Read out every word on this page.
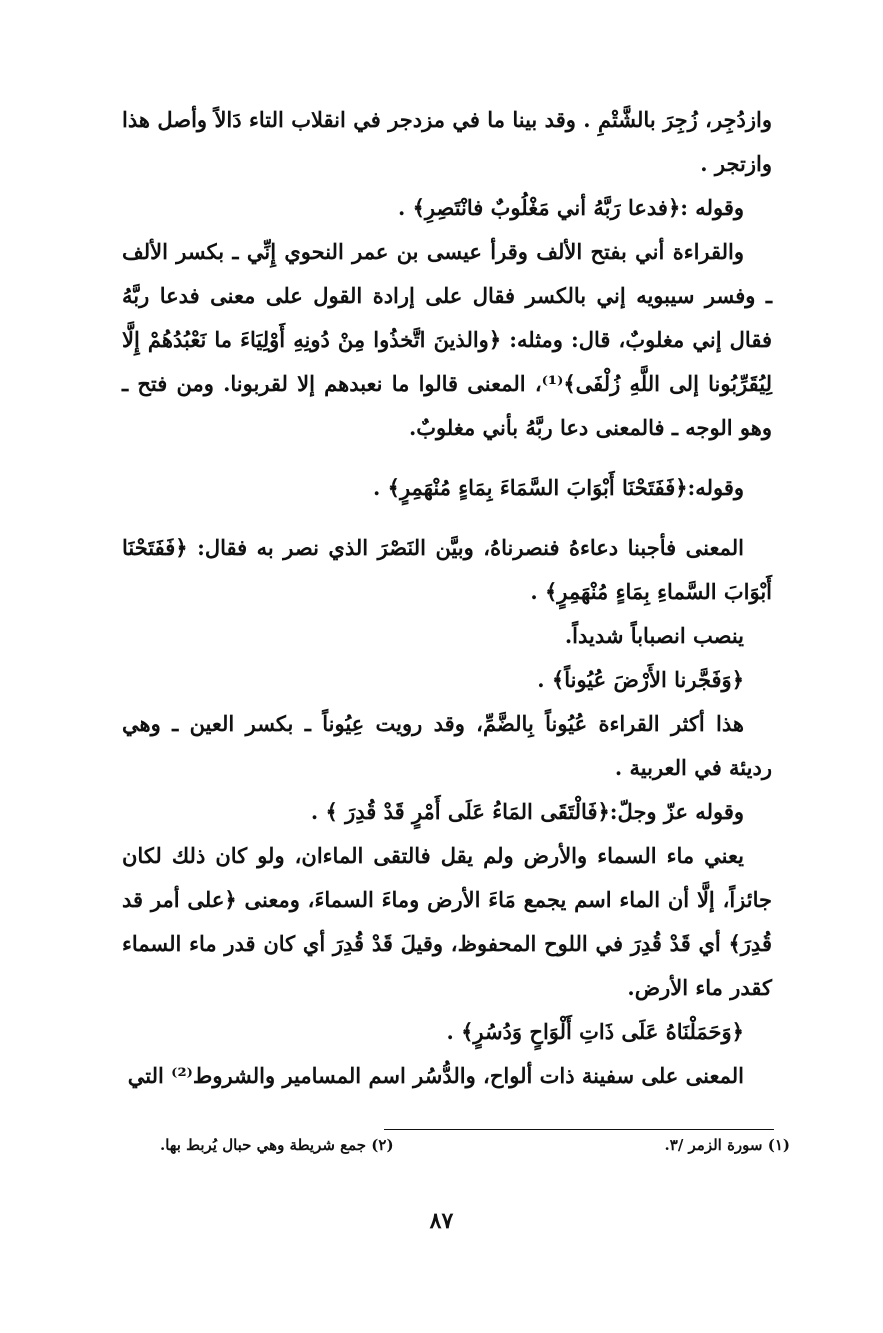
وازدُجِر، زُجِرَ بالشَّتْمِ . وقد بينا ما في مزدجر في انقلاب التاء دَالاً وأصل هذا وازتجر .

وقوله :﴿فدعا رَبَّهُ أني مَغْلُوبٌ فانْتَصِرِ﴾ .

والقراءة أني بفتح الألف وقرأ عيسى بن عمر النحوي إِنِّي ـ بكسر الألف ـ وفسر سيبويه إني بالكسر فقال على إرادة القول على معنى فدعا ربَّهُ فقال إني مغلوبٌ، قال: ومثله: ﴿والذينَ اتَّخذُوا مِنْ دُونِهِ أَوْلِيَاءَ ما نَعْبُدُهُمْ إِلَّا لِيُقَرِّبُونا إلى اللَّهِ زُلْفَى﴾⁽¹⁾، المعنى قالوا ما نعبدهم إلا لقربونا. ومن فتح ـ وهو الوجه ـ فالمعنى دعا ربَّهُ بأني مغلوبٌ.

وقوله:﴿فَفَتَحْنَا أَبْوَابَ السَّمَاءَ بِمَاءٍ مُنْهَمِرٍ﴾ .

المعنى فأجبنا دعاءهُ فنصرناهُ، وبيَّن النَصْرَ الذي نصر به فقال: ﴿فَفَتَحْنَا أَبْوَابَ السَّماءِ بِمَاءٍ مُنْهَمِرٍ﴾ .

ينصب انصباباً شديداً.

﴿وَفَجَّرنا الأَرْضَ عُيُوناً﴾ .

هذا أكثر القراءة عُيُوناً بِالضَّمِّ، وقد رويت عِيُوناً ـ بكسر العين ـ وهي رديئة في العربية .

وقوله عزّ وجلّ:﴿فَالْتَقَى المَاءُ عَلَى أَمْرٍ قَدْ قُدِرَ ﴾ .

يعني ماء السماء والأرض ولم يقل فالتقى الماءان، ولو كان ذلك لكان جائزاً، إلَّا أن الماء اسم يجمع مَاءَ الأرض وماءَ السماءَ، ومعنى ﴿على أمر قد قُدِرَ﴾ أي قَدْ قُدِرَ في اللوح المحفوظ، وقيلَ قَدْ قُدِرَ أي كان قدر ماء السماء كقدر ماء الأرض.

﴿وَحَمَلْنَاهُ عَلَى ذَاتِ أَلْوَاحٍ وَدُسُرٍ﴾ .

المعنى على سفينة ذات ألواح، والدُّسُر اسم المسامير والشروط⁽²⁾ التي

(١) سورة الزمر /٣.
(٢) جمع شريطة وهي حبال يُربط بها.
٨٧
